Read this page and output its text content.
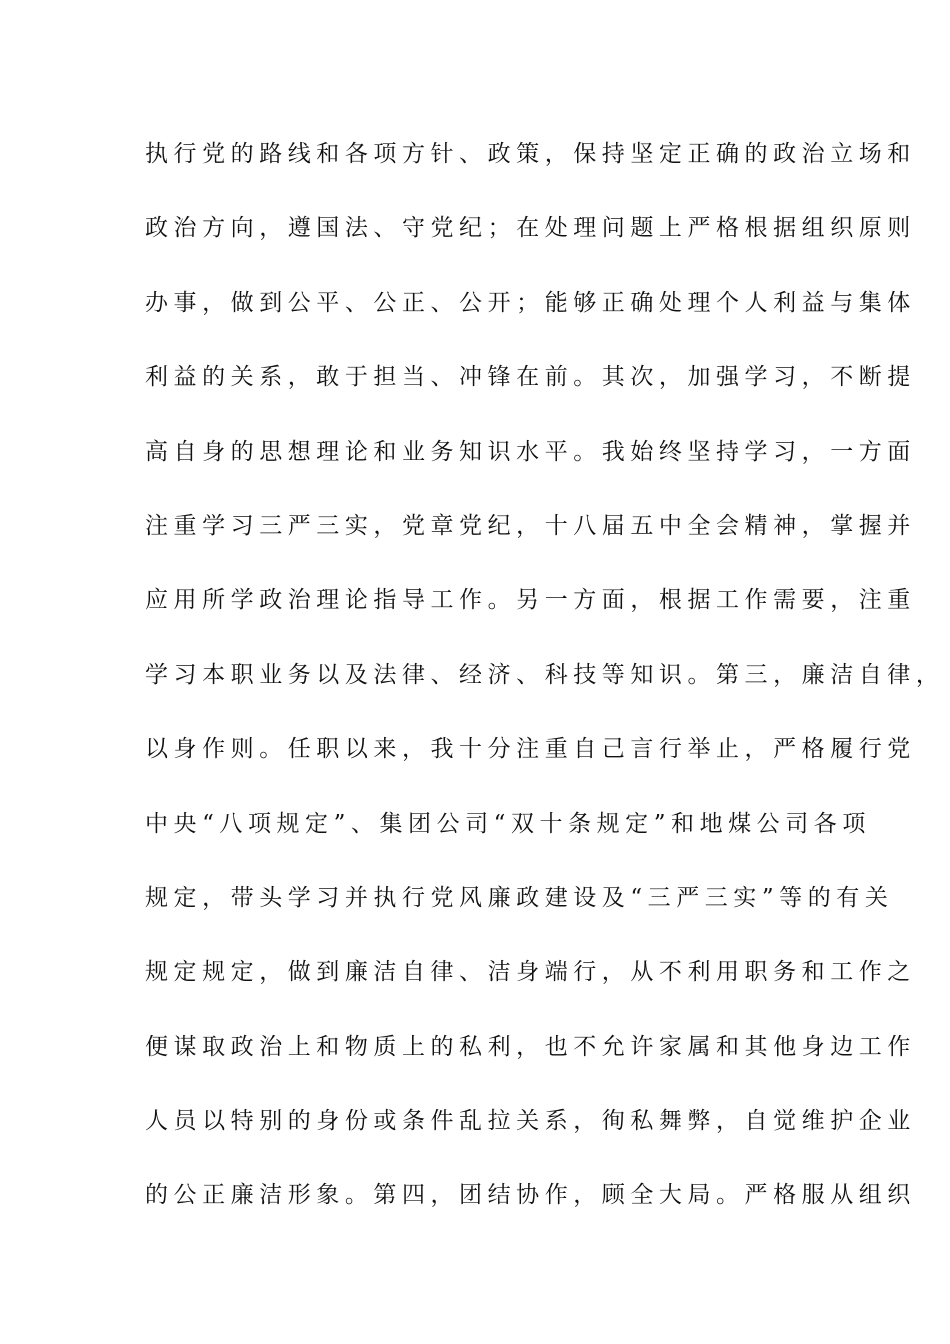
执行党的路线和各项方针、政策，保持坚定正确的政治立场和
政治方向，遵国法、守党纪；在处理问题上严格根据组织原则
办事，做到公平、公正、公开；能够正确处理个人利益与集体
利益的关系，敢于担当、冲锋在前。其次，加强学习，不断提
高自身的思想理论和业务知识水平。我始终坚持学习，一方面
注重学习三严三实，党章党纪，十八届五中全会精神，掌握并
应用所学政治理论指导工作。另一方面，根据工作需要，注重
学习本职业务以及法律、经济、科技等知识。第三，廉洁自律，
以身作则。任职以来，我十分注重自己言行举止，严格履行党
中央“八项规定”、集团公司“双十条规定”和地煤公司各项
规定，带头学习并执行党风廉政建设及“三严三实”等的有关
规定规定，做到廉洁自律、洁身端行，从不利用职务和工作之
便谋取政治上和物质上的私利，也不允许家属和其他身边工作
人员以特别的身份或条件乱拉关系，徇私舞弊，自觉维护企业
的公正廉洁形象。第四，团结协作，顾全大局。严格服从组织
